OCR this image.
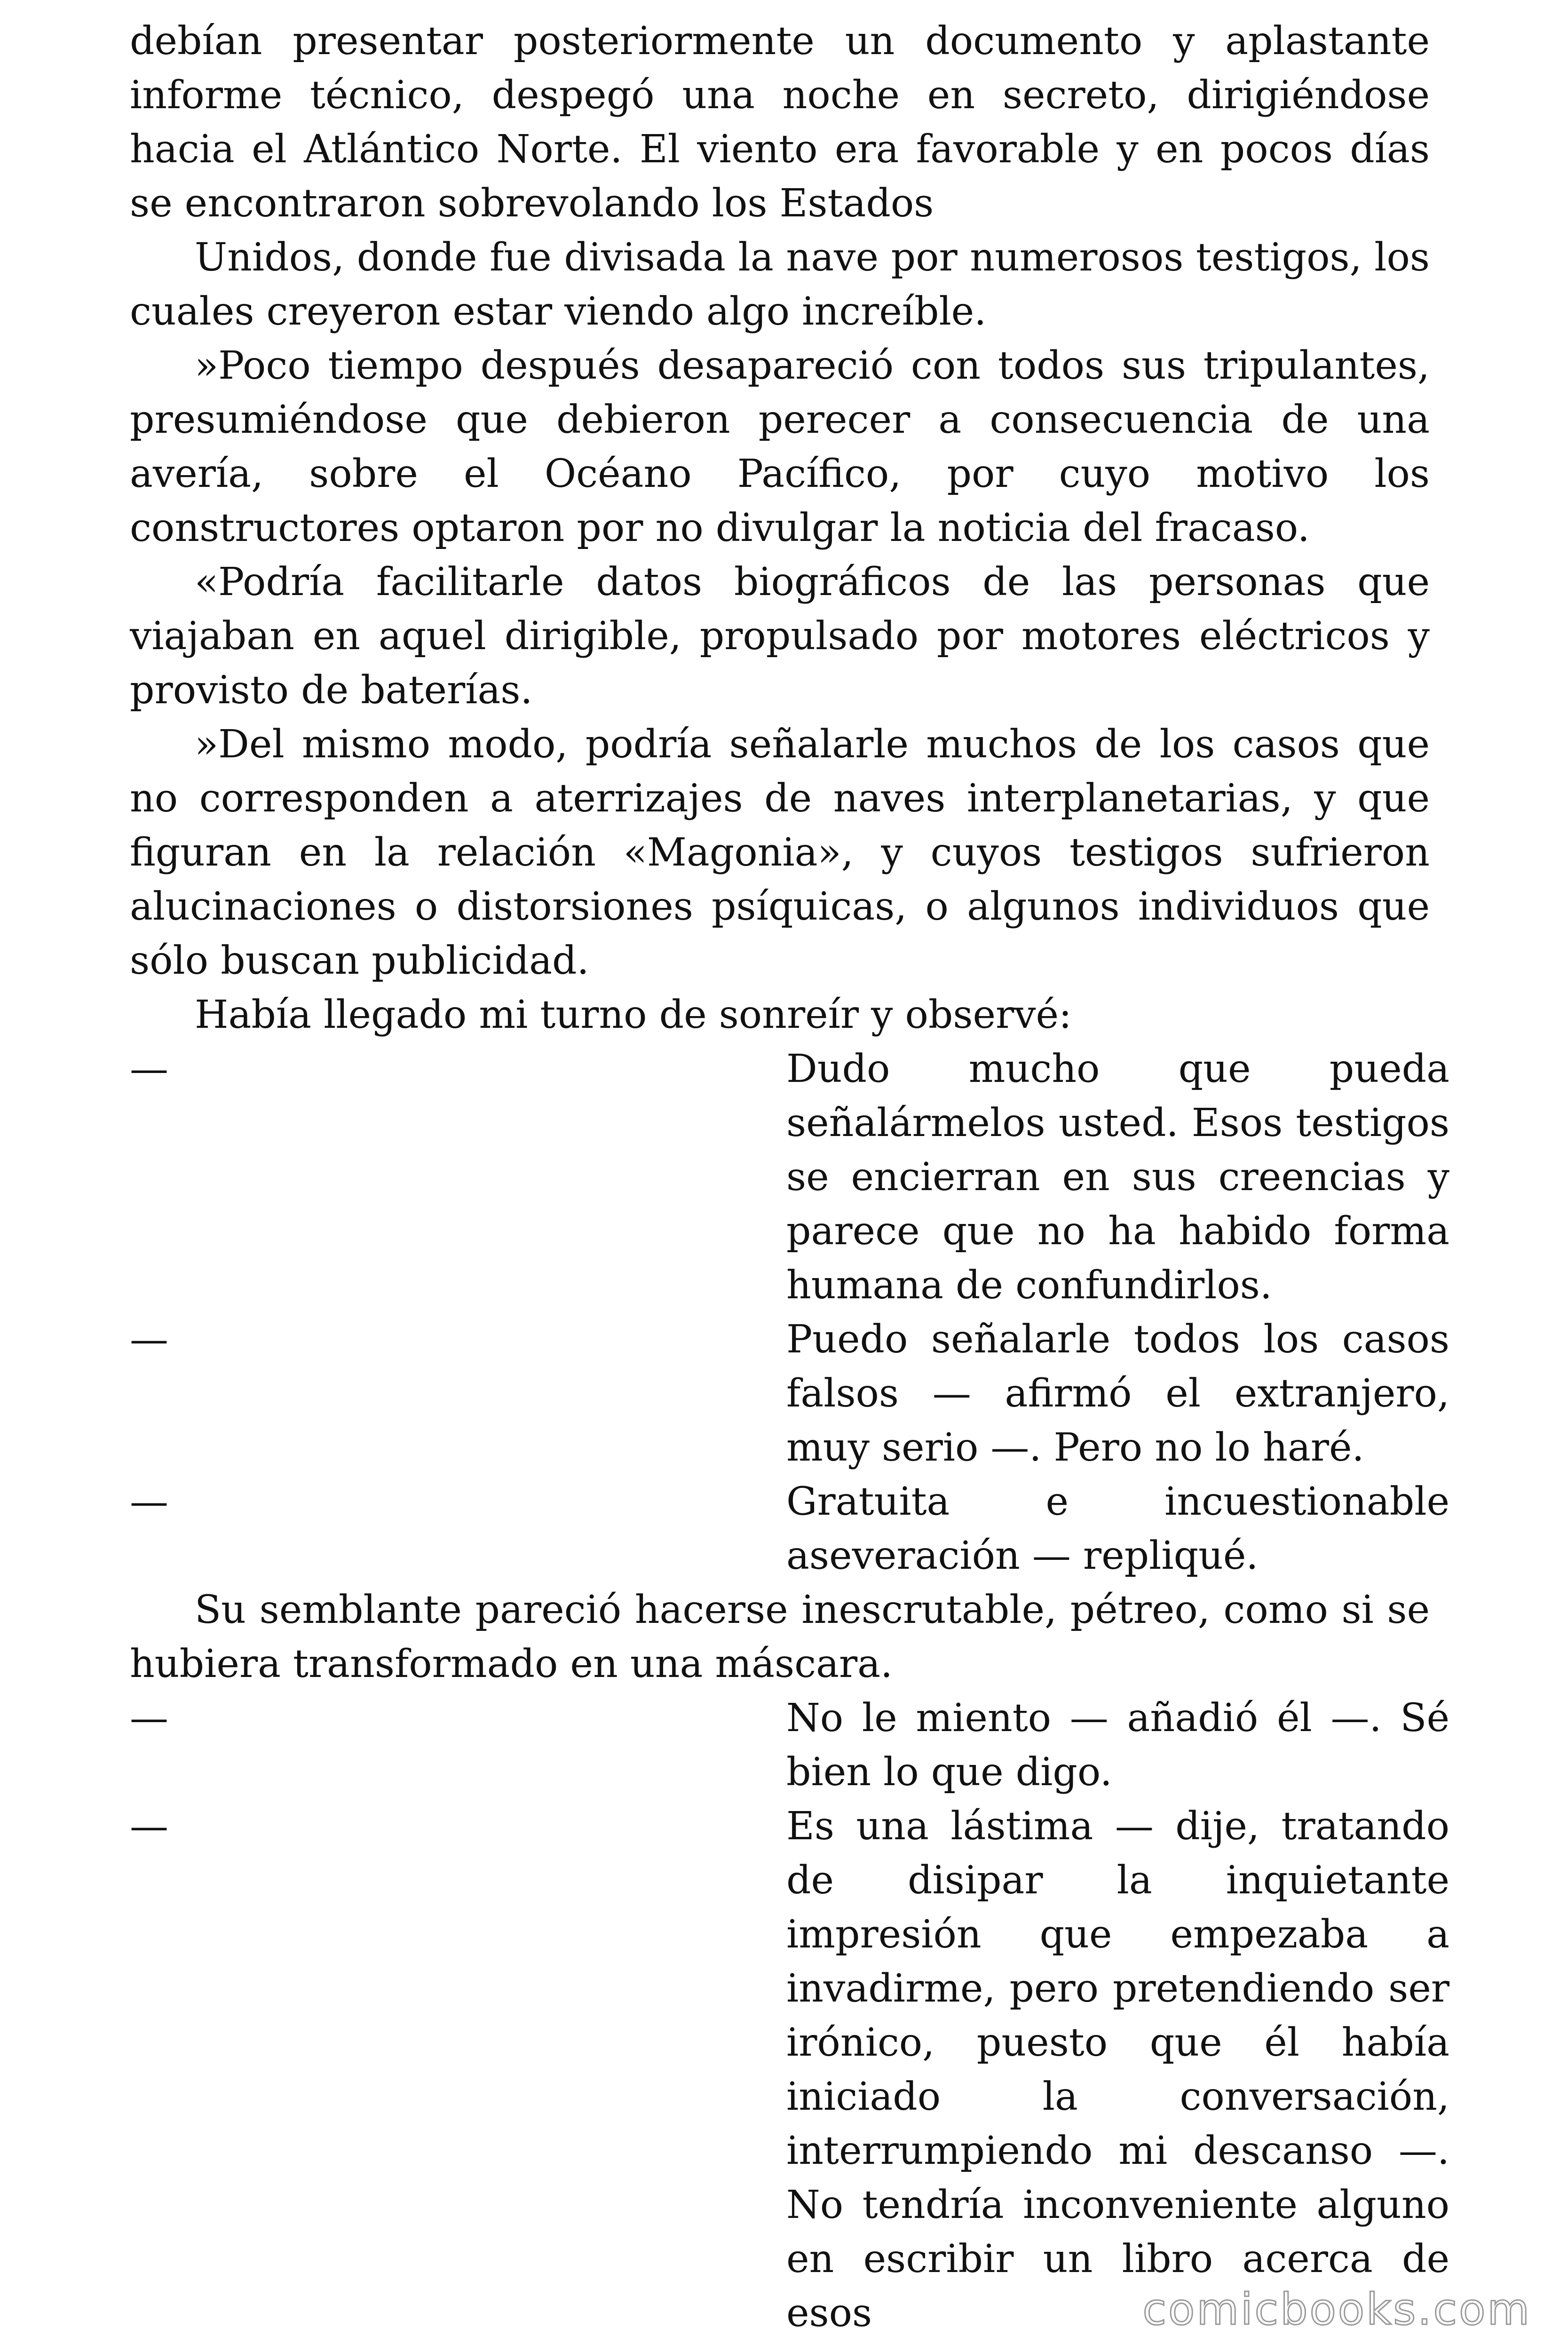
debían presentar posteriormente un documento y aplastante informe técnico, despegó una noche en secreto, dirigiéndose hacia el Atlántico Norte. El viento era favorable y en pocos días se encontraron sobrevolando los Estados

Unidos, donde fue divisada la nave por numerosos testigos, los cuales creyeron estar viendo algo increíble.

»Poco tiempo después desapareció con todos sus tripulantes, presumiéndose que debieron perecer a consecuencia de una avería, sobre el Océano Pacífico, por cuyo motivo los constructores optaron por no divulgar la noticia del fracaso.

«Podría facilitarle datos biográficos de las personas que viajaban en aquel dirigible, propulsado por motores eléctricos y provisto de baterías.

»Del mismo modo, podría señalarle muchos de los casos que no corresponden a aterrizajes de naves interplanetarias, y que figuran en la relación «Magonia», y cuyos testigos sufrieron alucinaciones o distorsiones psíquicas, o algunos individuos que sólo buscan publicidad.

Había llegado mi turno de sonreír y observé:

—	Dudo mucho que pueda señalármelos usted. Esos testigos se encierran en sus creencias y parece que no ha habido forma humana de confundirlos.

—	Puedo señalarle todos los casos falsos — afirmó el extranjero, muy serio —. Pero no lo haré.

—	Gratuita e incuestionable aseveración — repliqué.

Su semblante pareció hacerse inescrutable, pétreo, como si se hubiera transformado en una máscara.

—	No le miento — añadió él —. Sé bien lo que digo.

—	Es una lástima — dije, tratando de disipar la inquietante impresión que empezaba a invadirme, pero pretendiendo ser irónico, puesto que él había iniciado la conversación, interrumpiendo mi descanso —. No tendría inconveniente alguno en escribir un libro acerca de esos	comicbooks.com
